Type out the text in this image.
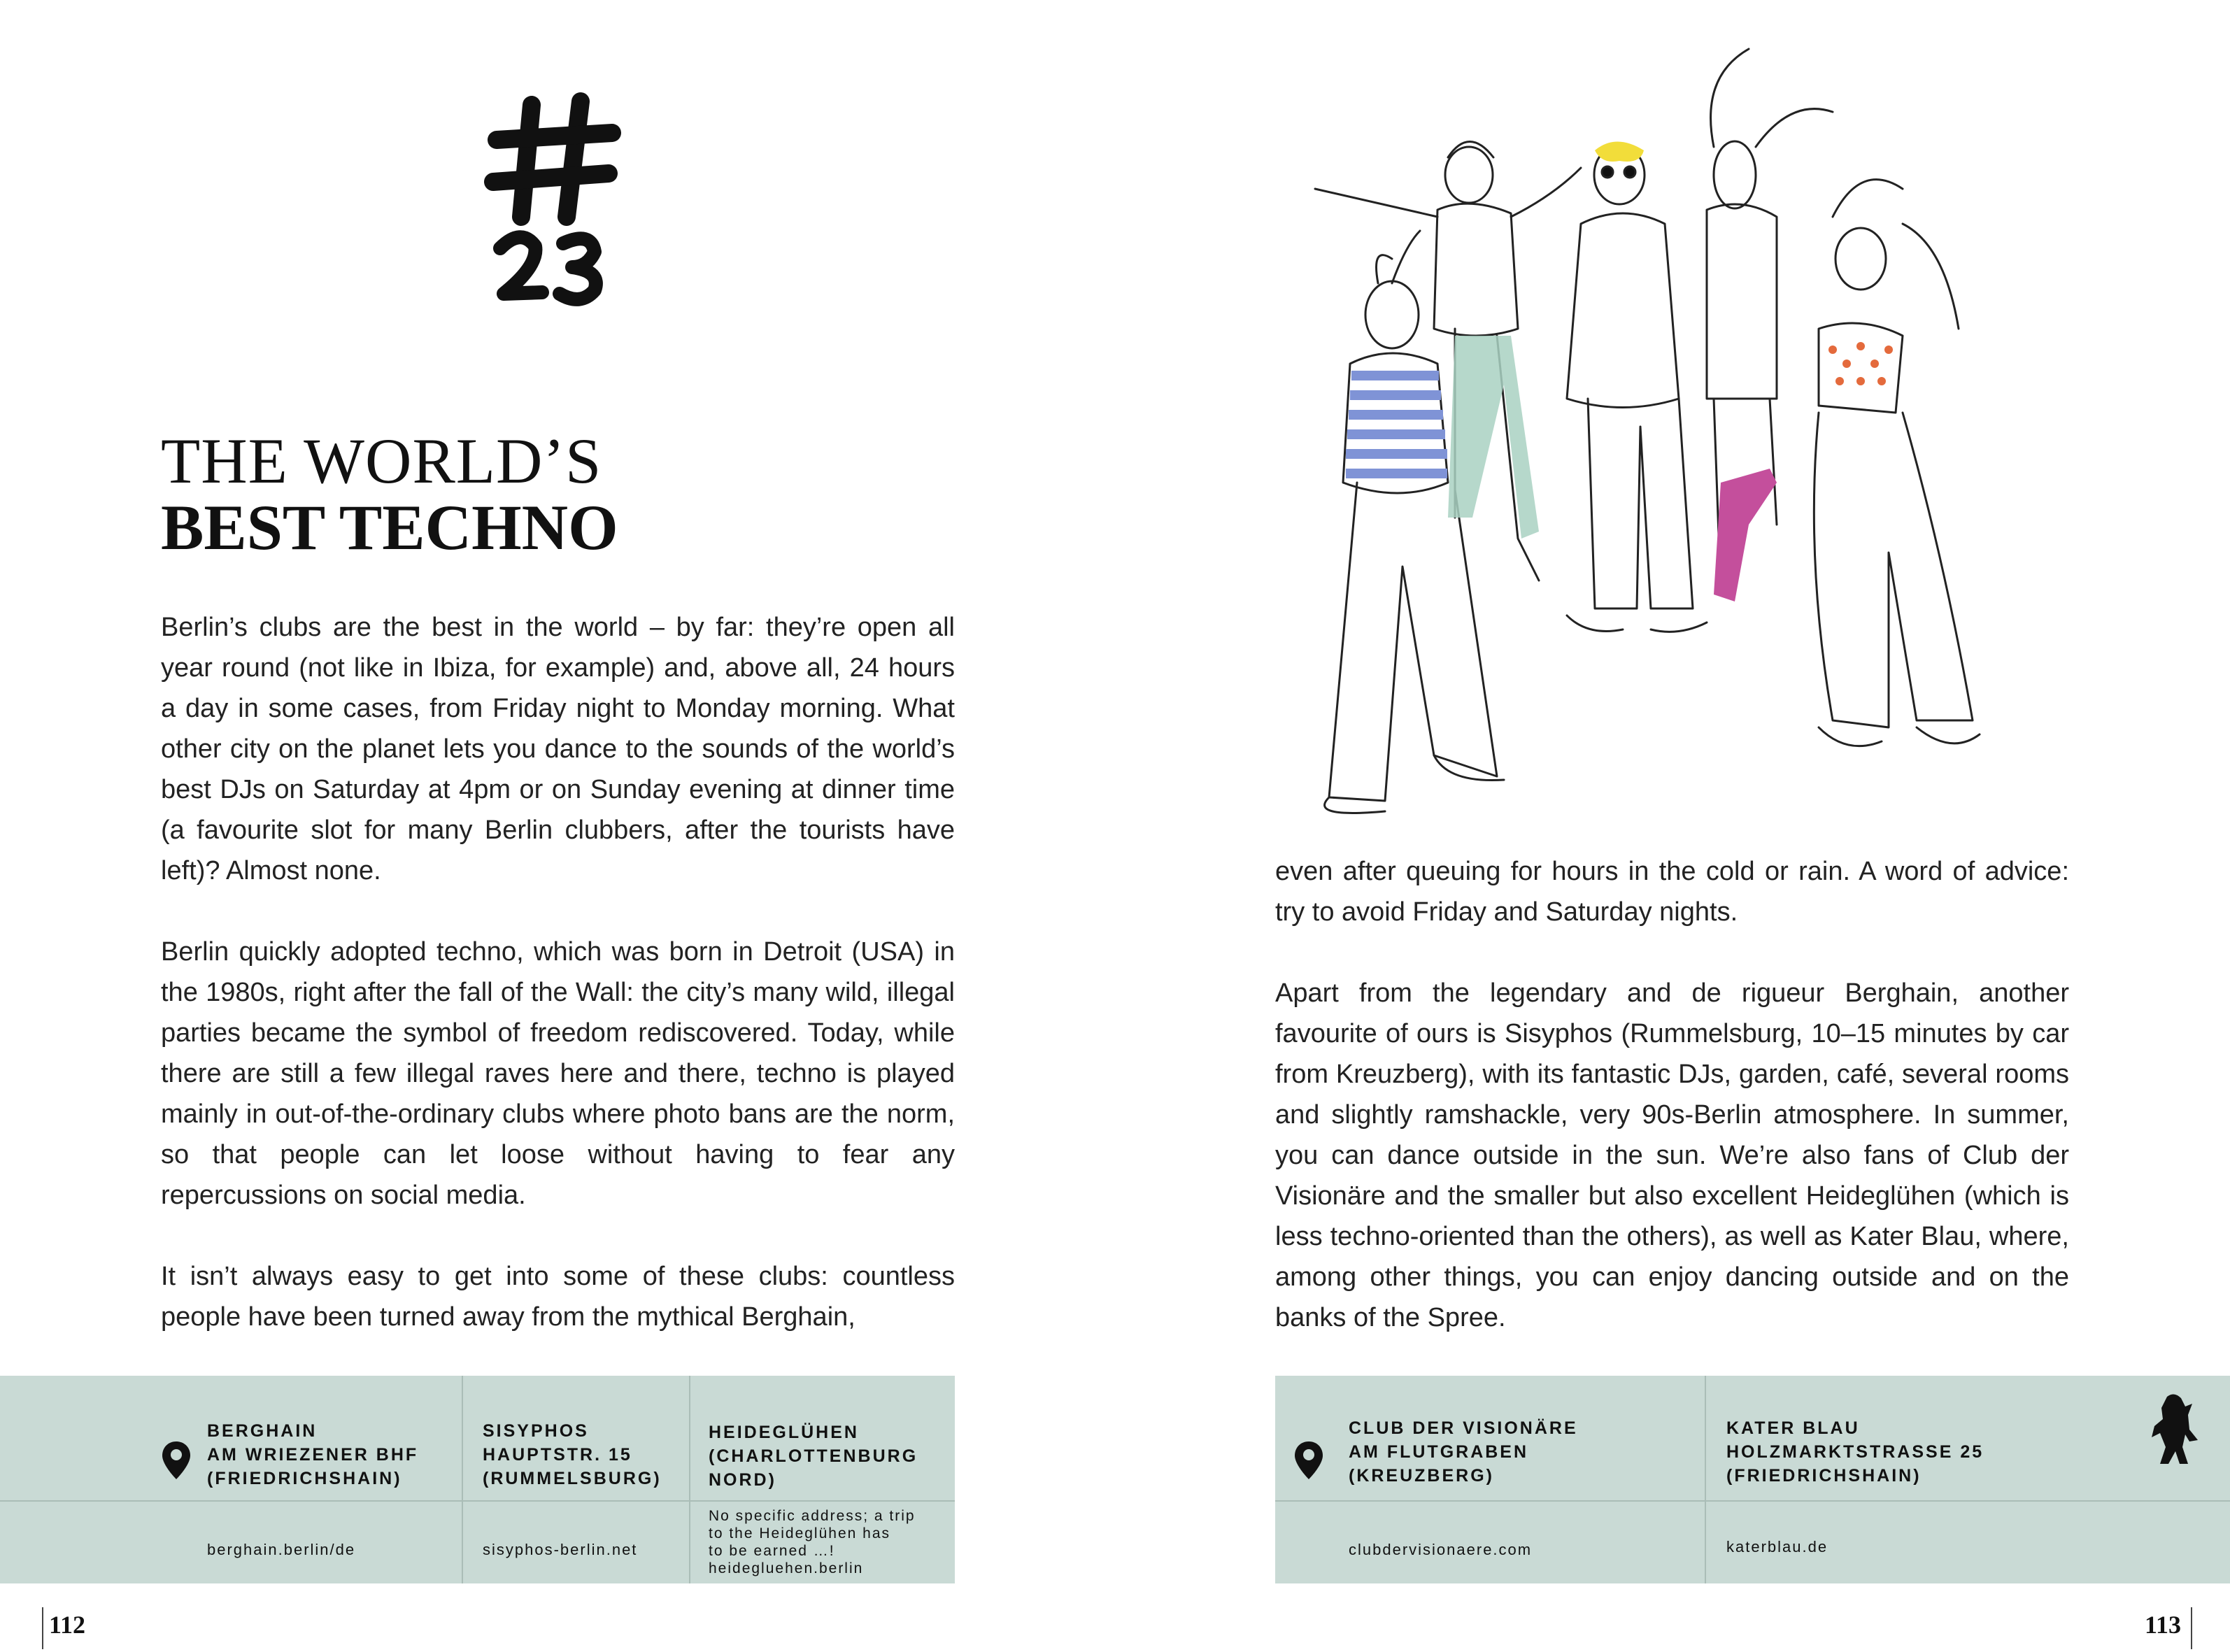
THE WORLD’S
BEST TECHNO

Berlin’s clubs are the best in the world – by far: they’re open all year round (not like in Ibiza, for example) and, above all, 24 hours a day in some cases, from Friday night to Monday morning. What other city on the planet lets you dance to the sounds of the world’s best DJs on Saturday at 4pm or on Sunday evening at dinner time (a favourite slot for many Berlin clubbers, after the tourists have left)? Almost none.

Berlin quickly adopted techno, which was born in Detroit (USA) in the 1980s, right after the fall of the Wall: the city’s many wild, illegal parties became the symbol of freedom rediscovered. Today, while there are still a few illegal raves here and there, techno is played mainly in out-of-the-ordinary clubs where photo bans are the norm, so that people can let loose without having to fear any repercussions on social media.

It isn’t always easy to get into some of these clubs: countless people have been turned away from the mythical Berghain,

even after queuing for hours in the cold or rain. A word of advice: try to avoid Friday and Saturday nights.

Apart from the legendary and de rigueur Berghain, another favourite of ours is Sisyphos (Rummelsburg, 10–15 minutes by car from Kreuzberg), with its fantastic DJs, garden, café, several rooms and slightly ramshackle, very 90s-Berlin atmosphere. In summer, you can dance outside in the sun. We’re also fans of Club der Visionäre and the smaller but also excellent Heideglühen (which is less techno-oriented than the others), as well as Kater Blau, where, among other things, you can enjoy dancing outside and on the banks of the Spree.

BERGHAIN
AM WRIEZENER BHF
(FRIEDRICHSHAIN)
berghain.berlin/de
SISYPHOS
HAUPTSTR. 15
(RUMMELSBURG)
sisyphos-berlin.net
HEIDEGLÜHEN
(CHARLOTTENBURG
NORD)
No specific address; a trip
to the Heideglühen has
to be earned …!
heidegluehen.berlin
CLUB DER VISIONÄRE
AM FLUTGRABEN
(KREUZBERG)
clubdervisionaere.com
KATER BLAU
HOLZMARKTSTRASSE 25
(FRIEDRICHSHAIN)
katerblau.de
112	113
